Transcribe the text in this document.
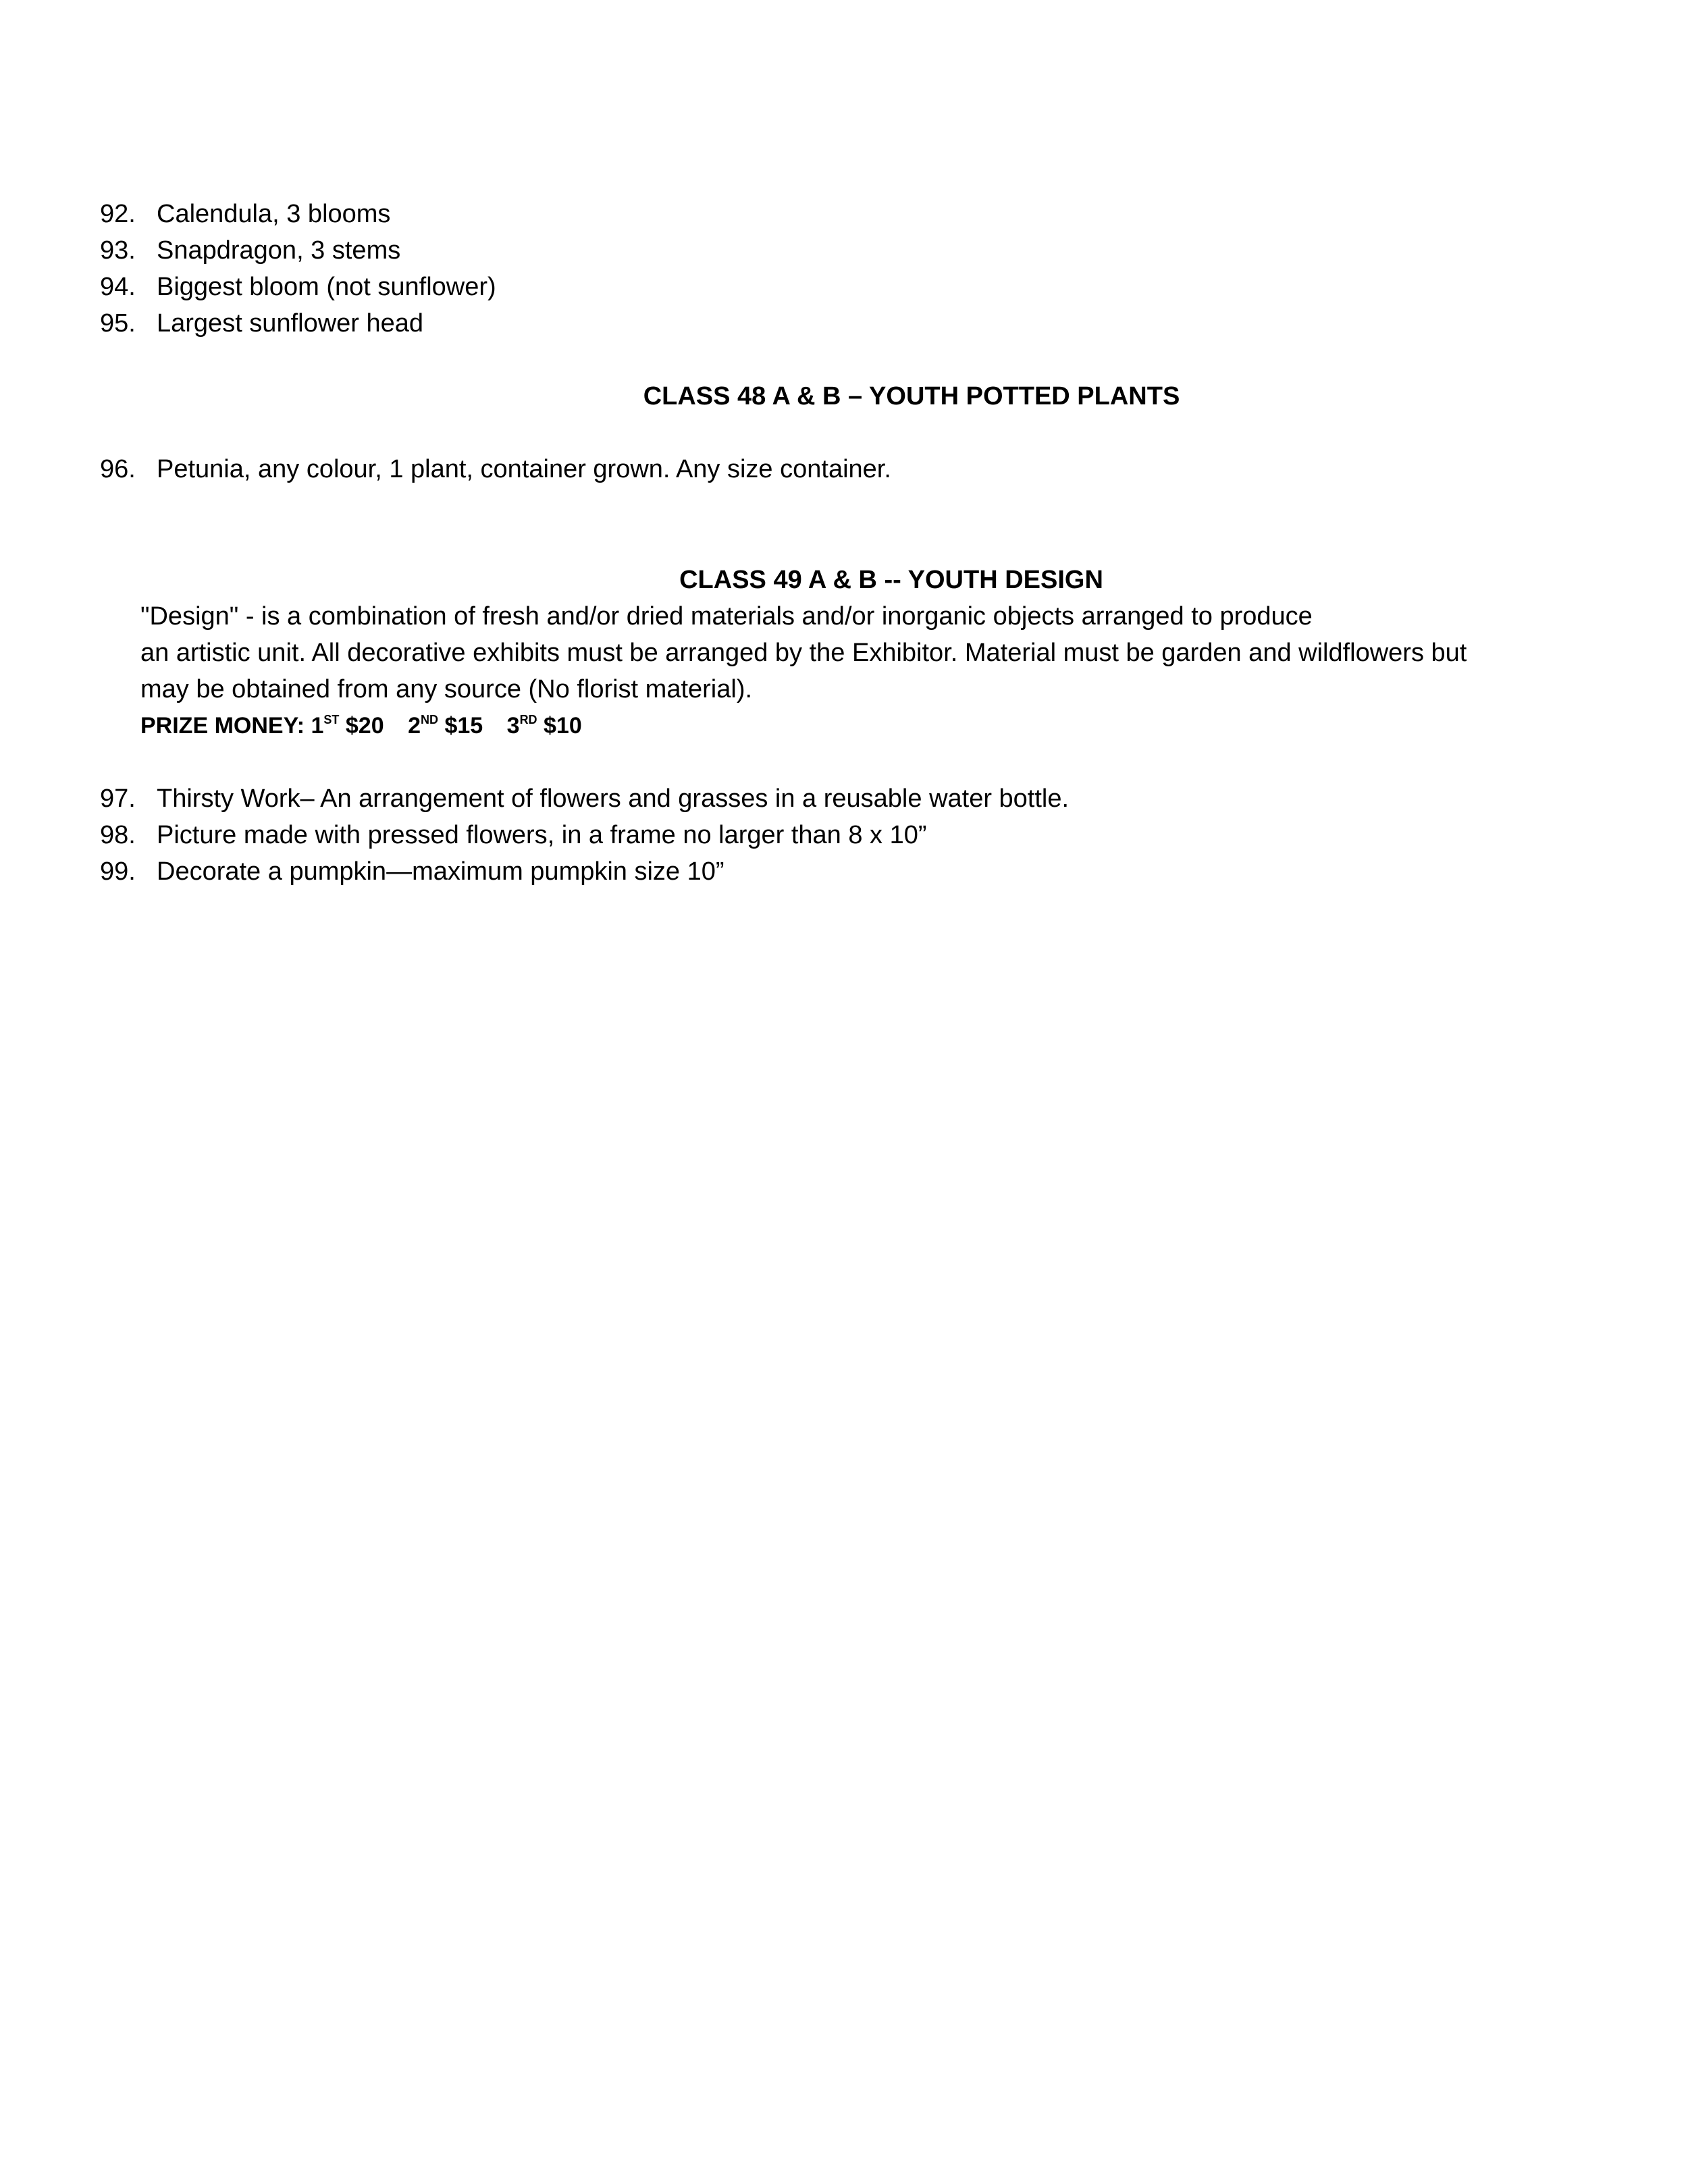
92. Calendula, 3 blooms
93. Snapdragon, 3 stems
94. Biggest bloom (not sunflower)
95. Largest sunflower head
CLASS 48 A & B – YOUTH POTTED PLANTS
96. Petunia, any colour, 1 plant, container grown. Any size container.
CLASS 49 A & B -- YOUTH DESIGN
"Design" - is a combination of fresh and/or dried materials and/or inorganic objects arranged to produce
an artistic unit. All decorative exhibits must be arranged by the Exhibitor. Material must be garden and wildflowers but
may be obtained from any source (No florist material).
PRIZE MONEY: 1ST $20 2ND $15 3RD $10
97. Thirsty Work– An arrangement of flowers and grasses in a reusable water bottle.
98. Picture made with pressed flowers, in a frame no larger than 8 x 10”
99. Decorate a pumpkin—maximum pumpkin size 10”
